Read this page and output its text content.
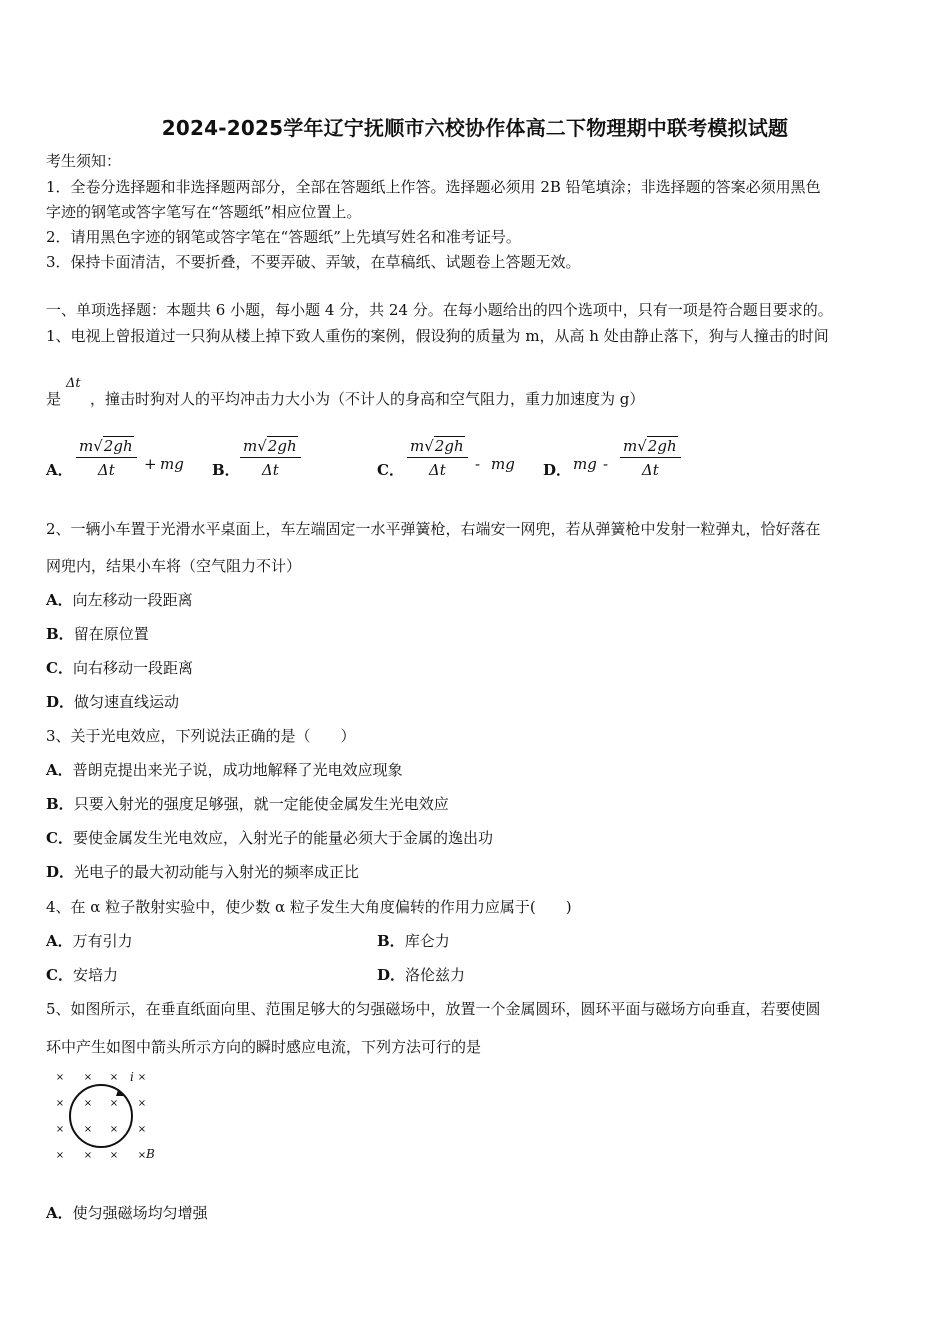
2024-2025学年辽宁抚顺市六校协作体高二下物理期中联考模拟试题
考生须知：
1．全卷分选择题和非选择题两部分，全部在答题纸上作答。选择题必须用 2B 铅笔填涂；非选择题的答案必须用黑色
字迹的钢笔或答字笔写在“答题纸”相应位置上。
2．请用黑色字迹的钢笔或答字笔在“答题纸”上先填写姓名和准考证号。
3．保持卡面清洁，不要折叠，不要弄破、弄皱，在草稿纸、试题卷上答题无效。
一、单项选择题：本题共 6 小题，每小题 4 分，共 24 分。在每小题给出的四个选项中，只有一项是符合题目要求的。
1、电视上曾报道过一只狗从楼上掉下致人重伤的案例，假设狗的质量为 m，从高 h 处由静止落下，狗与人撞击的时间
是
Δt
，撞击时狗对人的平均冲击力大小为（不计人的身高和空气阻力，重力加速度为 g）
A． $\frac{m√2gh}{\Delta t}$ + mg B． $\frac{m√2gh}{\Delta t}$	C． $\frac{m√2gh}{\Delta t}$ - mg D． mg - $\frac{m√2gh}{\Delta t}$
2、一辆小车置于光滑水平桌面上，车左端固定一水平弹簧枪，右端安一网兜，若从弹簧枪中发射一粒弹丸，恰好落在
网兜内，结果小车将（空气阻力不计）
A．向左移动一段距离
B．留在原位置
C．向右移动一段距离
D．做匀速直线运动
3、关于光电效应，下列说法正确的是（　　）
A．普朗克提出来光子说，成功地解释了光电效应现象
B．只要入射光的强度足够强，就一定能使金属发生光电效应
C．要使金属发生光电效应，入射光子的能量必须大于金属的逸出功
D．光电子的最大初动能与入射光的频率成正比
4、在 α 粒子散射实验中，使少数 α 粒子发生大角度偏转的作用力应属于(　　)
A．万有引力	B．库仑力
C．安培力	D．洛伦兹力
5、如图所示，在垂直纸面向里、范围足够大的匀强磁场中，放置一个金属圆环，圆环平面与磁场方向垂直，若要使圆
环中产生如图中箭头所示方向的瞬时感应电流，下列方法可行的是
× × × ×
× × × ×
× × × ×
× × × ×
i
B
A．使匀强磁场均匀增强
